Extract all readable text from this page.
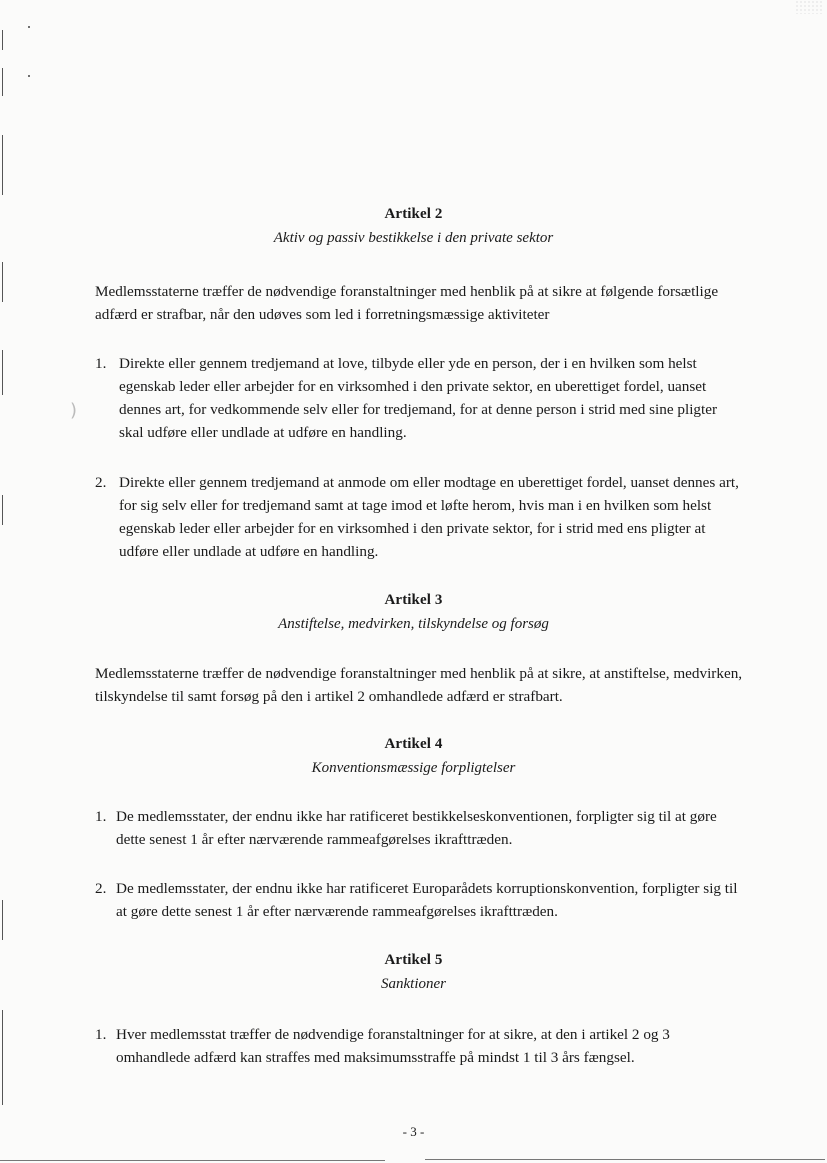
)
Artikel 2
Aktiv og passiv bestikkelse i den private sektor

Medlemsstaterne træffer de nødvendige foranstaltninger med henblik på at sikre at følgende forsætlige adfærd er strafbar, når den udøves som led i forretningsmæssige aktiviteter

1. Direkte eller gennem tredjemand at love, tilbyde eller yde en person, der i en hvilken som helst egenskab leder eller arbejder for en virksomhed i den private sektor, en uberettiget fordel, uanset dennes art, for vedkommende selv eller for tredjemand, for at denne person i strid med sine pligter skal udføre eller undlade at udføre en handling.
2. Direkte eller gennem tredjemand at anmode om eller modtage en uberettiget fordel, uanset dennes art, for sig selv eller for tredjemand samt at tage imod et løfte herom, hvis man i en hvilken som helst egenskab leder eller arbejder for en virksomhed i den private sektor, for i strid med ens pligter at udføre eller undlade at udføre en handling.
Artikel 3
Anstiftelse, medvirken, tilskyndelse og forsøg

Medlemsstaterne træffer de nødvendige foranstaltninger med henblik på at sikre, at anstiftelse, medvirken, tilskyndelse til samt forsøg på den i artikel 2 omhandlede adfærd er strafbart.

Artikel 4
Konventionsmæssige forpligtelser
1. De medlemsstater, der endnu ikke har ratificeret bestikkelseskonventionen, forpligter sig til at gøre dette senest 1 år efter nærværende rammeafgørelses ikrafttræden.
2. De medlemsstater, der endnu ikke har ratificeret Europarådets korruptionskonvention, forpligter sig til at gøre dette senest 1 år efter nærværende rammeafgørelses ikrafttræden.
Artikel 5
Sanktioner
1. Hver medlemsstat træffer de nødvendige foranstaltninger for at sikre, at den i artikel 2 og 3 omhandlede adfærd kan straffes med maksimumsstraffe på mindst 1 til 3 års fængsel.
- 3 -
